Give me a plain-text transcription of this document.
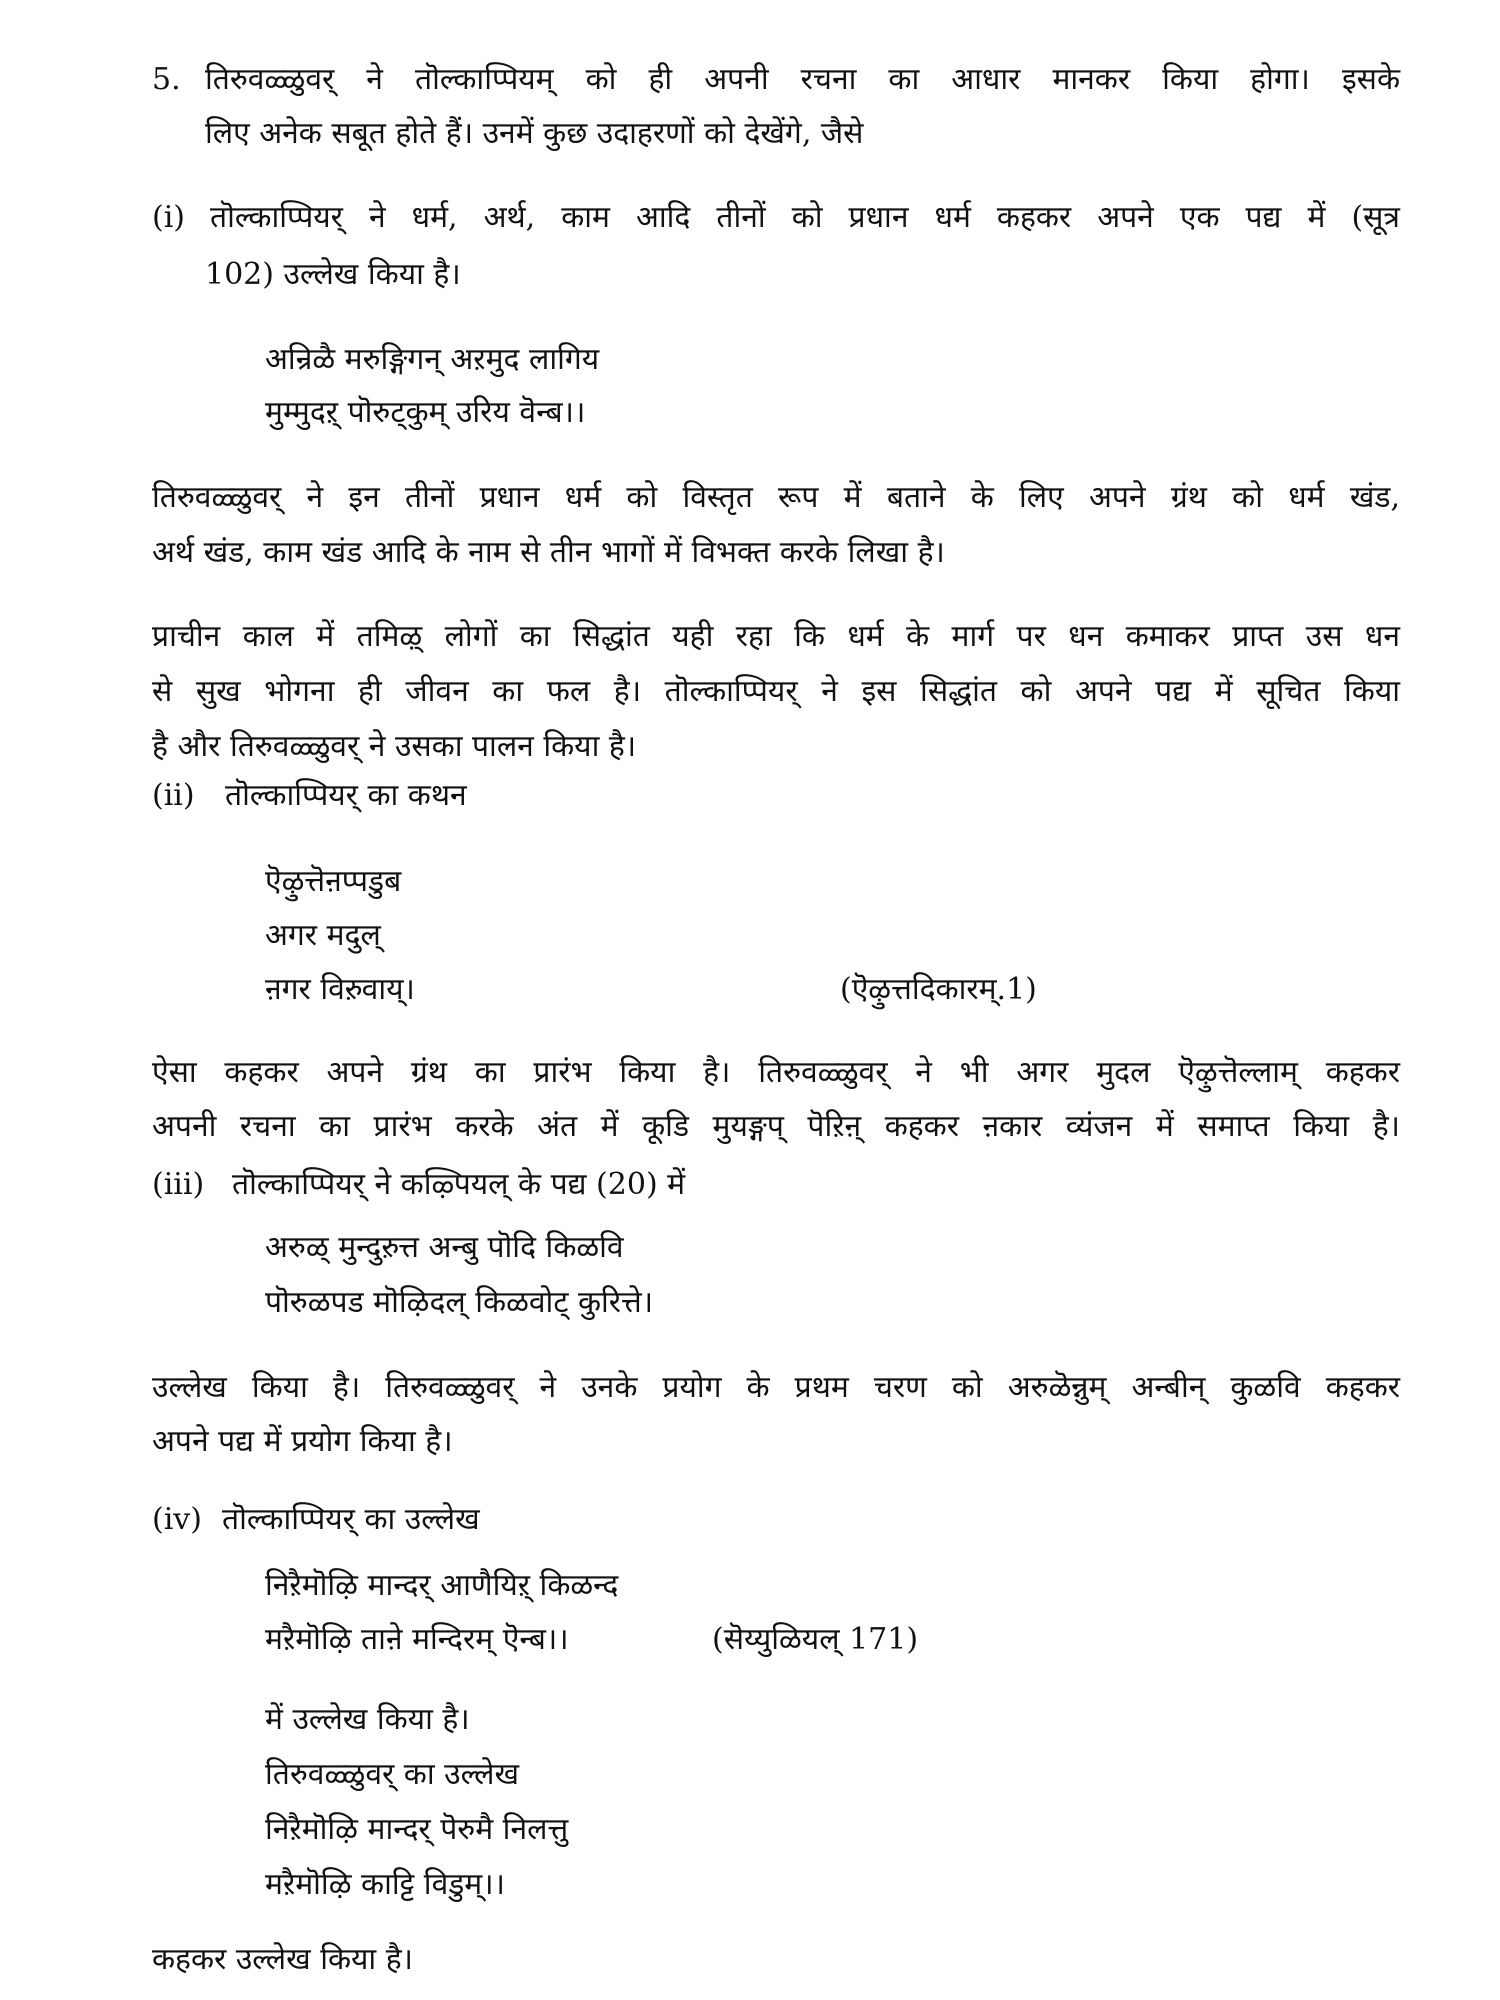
5. तिरुवळ्ळुवर् ने तॊल्काप्पियम् को ही अपनी रचना का आधार मानकर किया होगा। इसके
लिए अनेक सबूत होते हैं। उनमें कुछ उदाहरणों को देखेंगे, जैसे
(i) तॊल्काप्पियर् ने धर्म, अर्थ, काम आदि तीनों को प्रधान धर्म कहकर अपने एक पद्य में (सूत्र
102) उल्लेख किया है।
अन्रिळै मरुङ्गिगन् अऱमुद लागिय
मुम्मुदऱ् पॊरुट्कुम् उरिय वॆन्ब।।
तिरुवळ्ळुवर् ने इन तीनों प्रधान धर्म को विस्तृत रूप में बताने के लिए अपने ग्रंथ को धर्म खंड,
अर्थ खंड, काम खंड आदि के नाम से तीन भागों में विभक्त करके लिखा है।
प्राचीन काल में तमिऴ् लोगों का सिद्धांत यही रहा कि धर्म के मार्ग पर धन कमाकर प्राप्त उस धन
से सुख भोगना ही जीवन का फल है। तॊल्काप्पियर् ने इस सिद्धांत को अपने पद्य में सूचित किया
है और तिरुवळ्ळुवर् ने उसका पालन किया है।
(ii) तॊल्काप्पियर् का कथन
ऎऴुत्तॆऩप्पडुब
अगर मदुल्
ऩगर विऱुवाय्।	(ऎऴुत्तदिकारम्.1)
ऐसा कहकर अपने ग्रंथ का प्रारंभ किया है। तिरुवळ्ळुवर् ने भी अगर मुदल ऎऴुत्तॆल्लाम् कहकर
अपनी रचना का प्रारंभ करके अंत में कूडि मुयङ्गप् पॆऱिऩ् कहकर ऩकार व्यंजन में समाप्त किया है।
(iii) तॊल्काप्पियर् ने कऴ्पियल् के पद्य (20) में
अरुळ् मुन्दुऱुत्त अन्बु पॊदि किळवि
पॊरुळपड मॊऴिदल् किळवोट् कुरित्ते।
उल्लेख किया है। तिरुवळ्ळुवर् ने उनके प्रयोग के प्रथम चरण को अरुळॆन्नुम् अन्बीन् कुळवि कहकर
अपने पद्य में प्रयोग किया है।
(iv) तॊल्काप्पियर् का उल्लेख
निऱैमॊऴि मान्दर् आणैयिऱ् किळन्द
मऱैमॊऴि ताऩे मन्दिरम् ऎन्ब।।	(सॆय्युळियल् 171)
में उल्लेख किया है।
तिरुवळ्ळुवर् का उल्लेख
निऱैमॊऴि मान्दर् पॆरुमै निलत्तु
मऱैमॊऴि काट्टि विडुम्।।
कहकर उल्लेख किया है।
